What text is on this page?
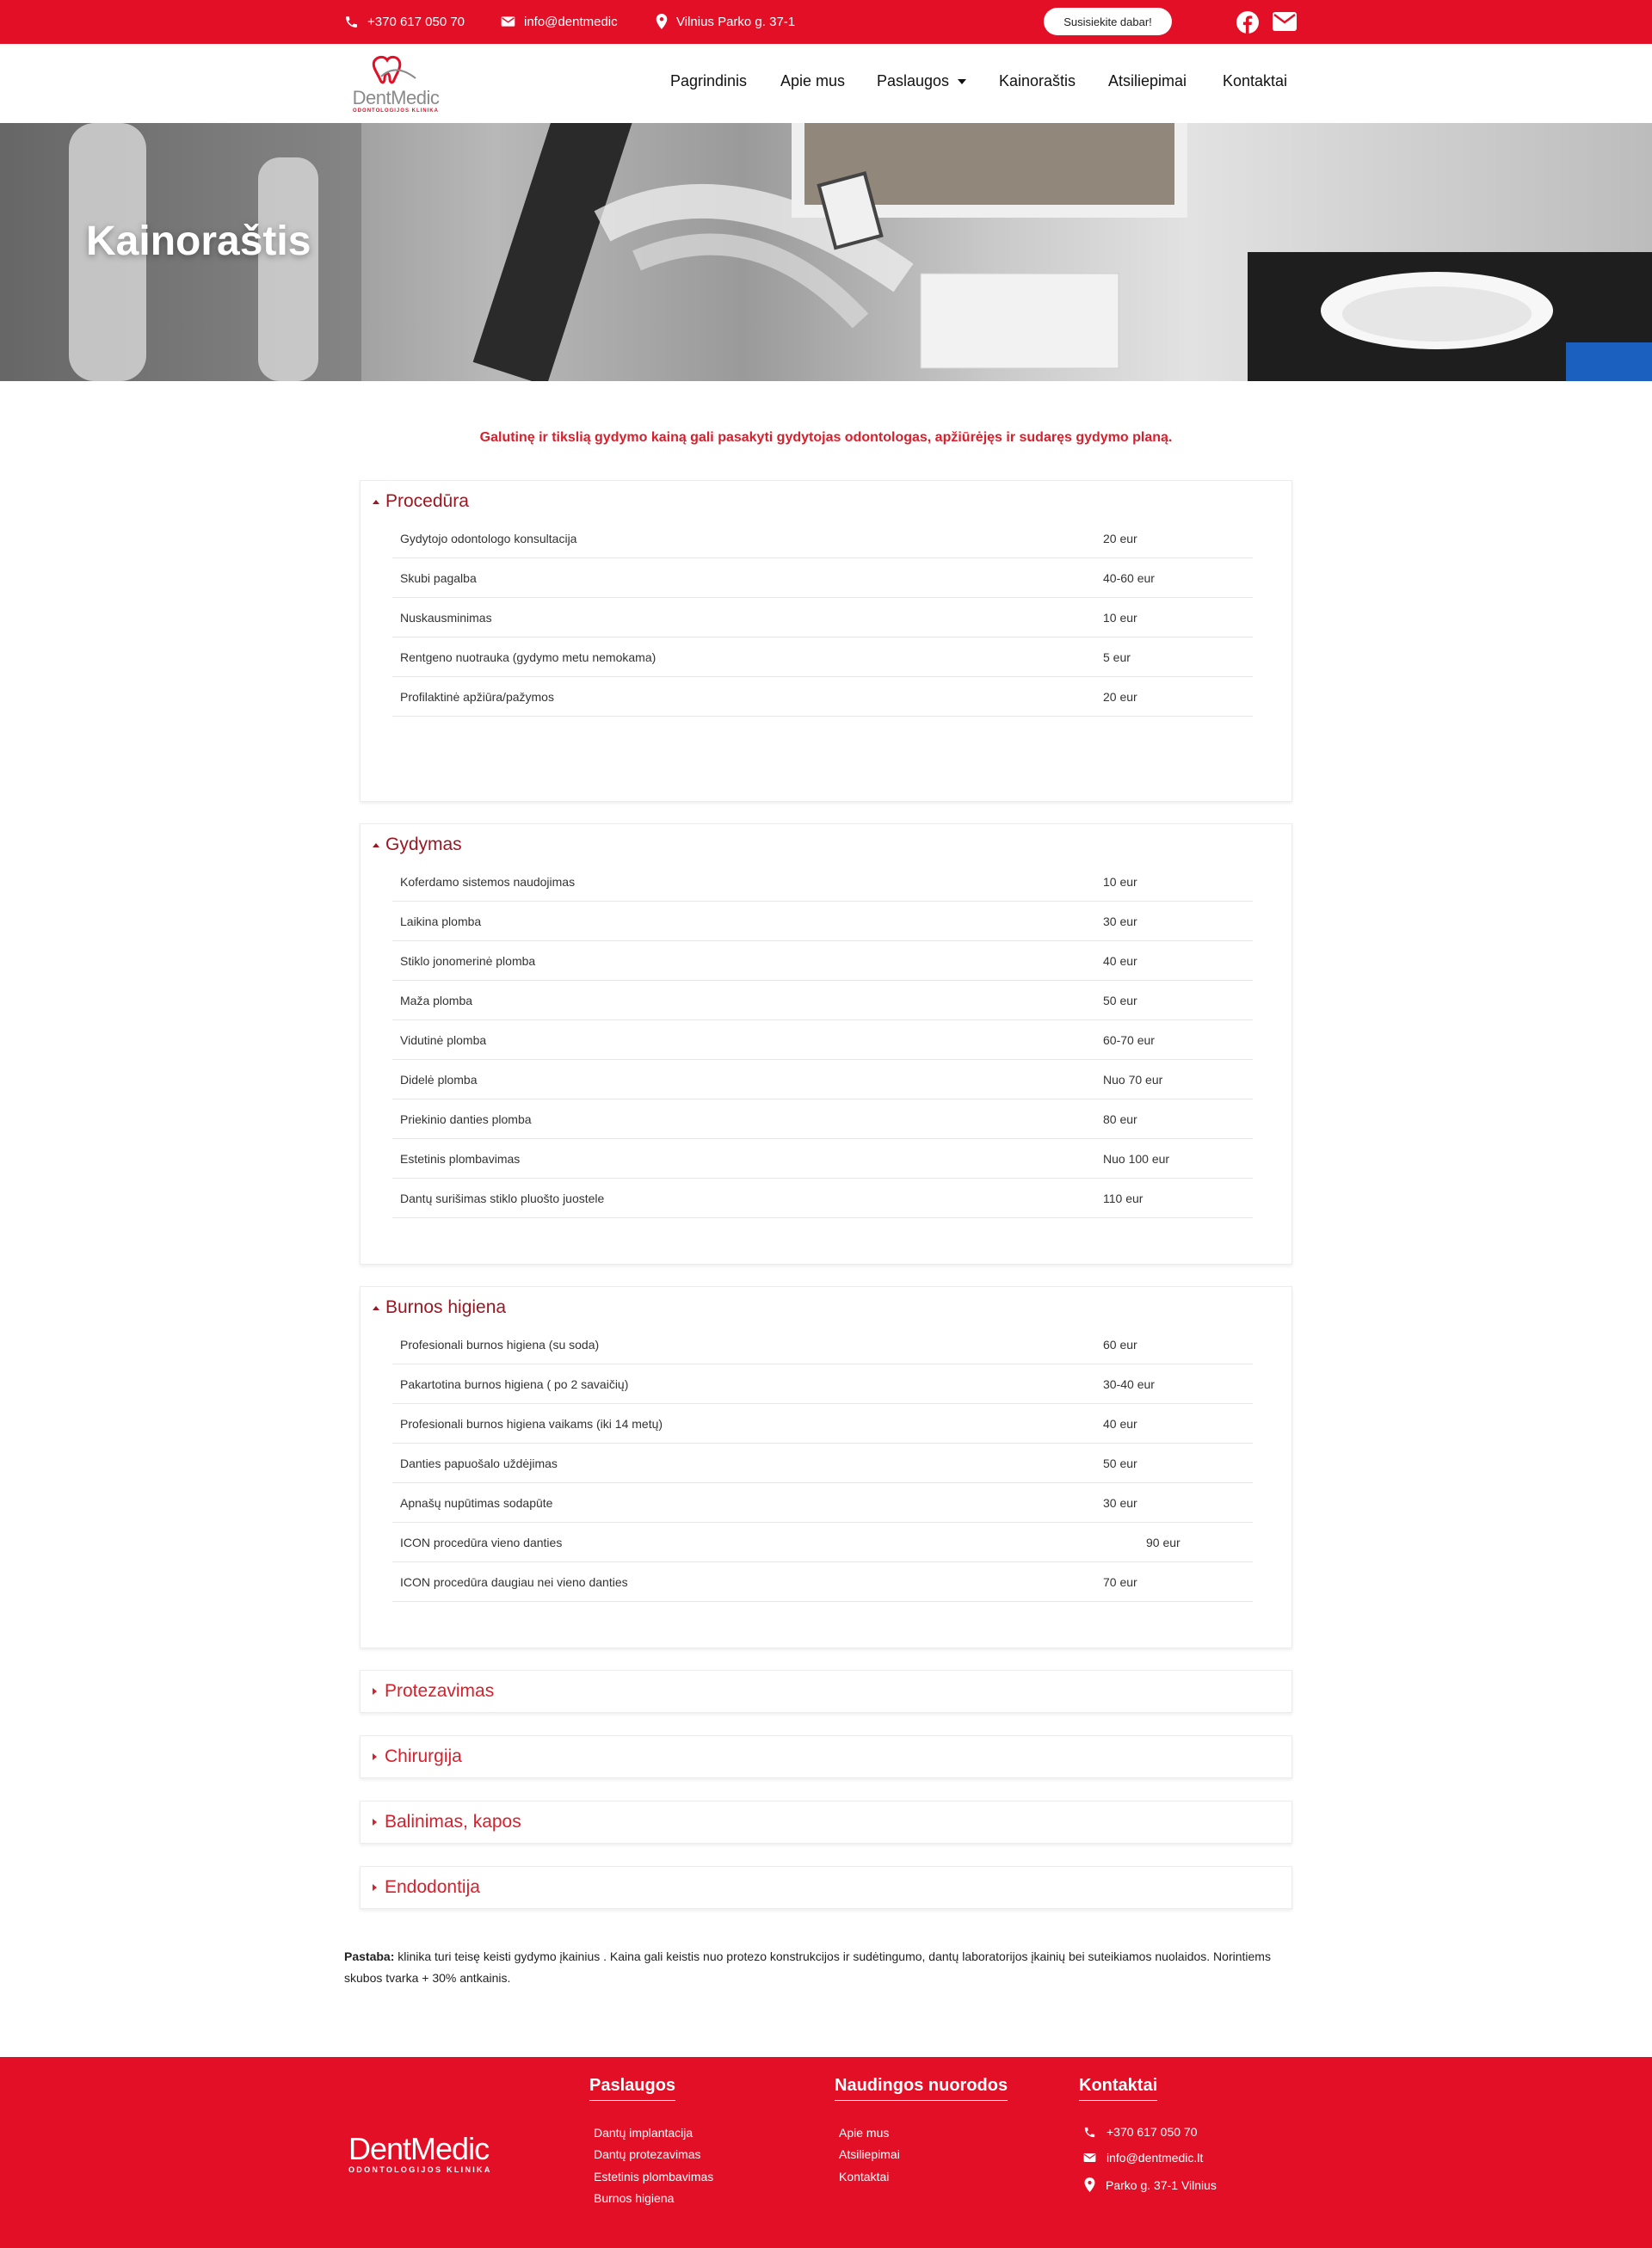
+370 617 050 70	info@dentmedic	Vilnius Parko g. 37-1	Susisiekite dabar!
DentMedic
ODONTOLOGIJOS KLINIKA
Pagrindinis Apie mus Paslaugos	Kainoraštis Atsiliepimai Kontaktai
Kainoraštis
Galutinę ir tikslią gydymo kainą gali pasakyti gydytojas odontologas, apžiūrėjęs ir sudaręs gydymo planą.
Procedūra
Gydytojo odontologo konsultacija	20 eur
Skubi pagalba	40-60 eur
Nuskausminimas	10 eur
Rentgeno nuotrauka (gydymo metu nemokama)	5 eur
Profilaktinė apžiūra/pažymos	20 eur
Gydymas
Koferdamo sistemos naudojimas	10 eur
Laikina plomba	30 eur
Stiklo jonomerinė plomba	40 eur
Maža plomba	50 eur
Vidutinė plomba	60-70 eur
Didelė plomba	Nuo 70 eur
Priekinio danties plomba	80 eur
Estetinis plombavimas	Nuo 100 eur
Dantų surišimas stiklo pluošto juostele	110 eur
Burnos higiena
Profesionali burnos higiena (su soda)	60 eur
Pakartotina burnos higiena ( po 2 savaičių)	30-40 eur
Profesionali burnos higiena vaikams (iki 14 metų)	40 eur
Danties papuošalo uždėjimas	50 eur
Apnašų nupūtimas sodapūte	30 eur
ICON procedūra vieno danties	90 eur
ICON procedūra daugiau nei vieno danties	70 eur
Protezavimas
Chirurgija
Balinimas, kapos
Endodontija
Pastaba: klinika turi teisę keisti gydymo įkainius . Kaina gali keistis nuo protezo konstrukcijos ir sudėtingumo, dantų laboratorijos įkainių bei suteikiamos nuolaidos. Norintiems skubos tvarka + 30% antkainis.
DentMedic
ODONTOLOGIJOS KLINIKA
Paslaugos
Dantų implantacija
Dantų protezavimas
Estetinis plombavimas
Burnos higiena
Naudingos nuorodos
Apie mus
Atsiliepimai
Kontaktai
Kontaktai
+370 617 050 70
info@dentmedic.lt
Parko g. 37-1 Vilnius
